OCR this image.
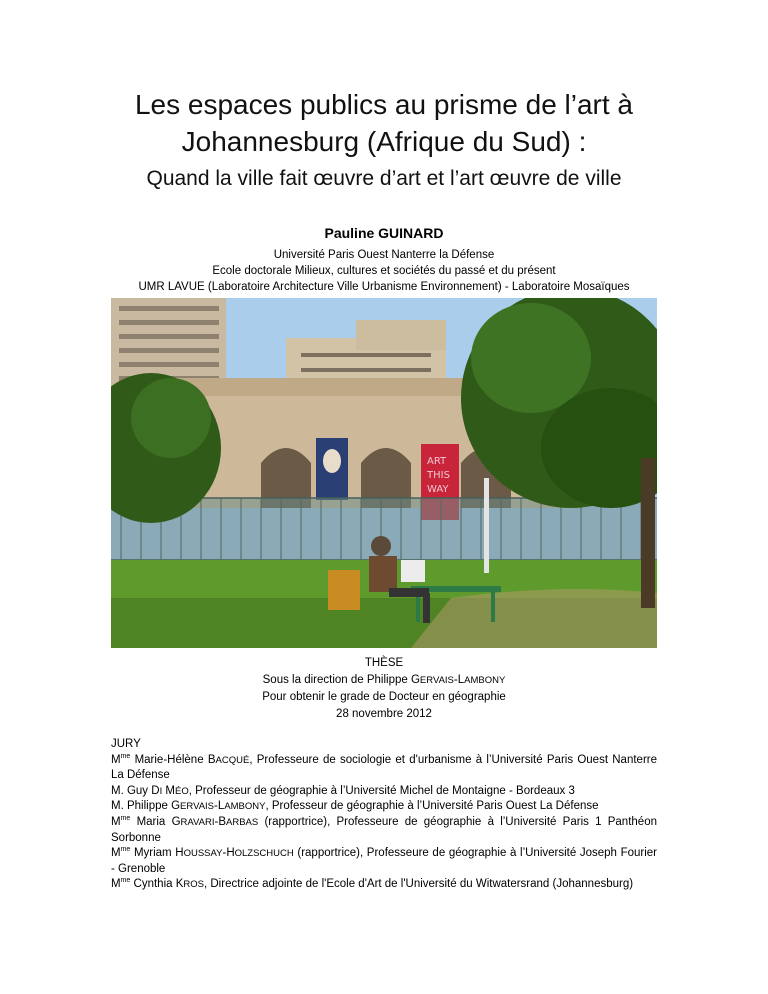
Les espaces publics au prisme de l’art à
Johannesburg (Afrique du Sud) :
Quand la ville fait œuvre d’art et l’art œuvre de ville
Pauline GUINARD
Université Paris Ouest Nanterre la Défense
Ecole doctorale Milieux, cultures et sociétés du passé et du présent
UMR LAVUE (Laboratoire Architecture Ville Urbanisme Environnement) - Laboratoire Mosaïques
ART
THIS
WAY
THÈSE
Sous la direction de Philippe GERVAIS-LAMBONY
Pour obtenir le grade de Docteur en géographie
28 novembre 2012

JURY

$M^{me}$ Marie-Hélène BACQUÉ, Professeure de sociologie et d'urbanisme à l’Université Paris Ouest Nanterre La Défense

M. Guy DI MÉO, Professeur de géographie à l’Université Michel de Montaigne - Bordeaux 3

M. Philippe GERVAIS-LAMBONY, Professeur de géographie à l’Université Paris Ouest La Défense

$M^{me}$ Maria GRAVARI-BARBAS (rapportrice), Professeure de géographie à l’Université Paris 1 Panthéon Sorbonne

$M^{me}$ Myriam HOUSSAY-HOLZSCHUCH (rapportrice), Professeure de géographie à l’Université Joseph Fourier - Grenoble

$M^{me}$ Cynthia KROS, Directrice adjointe de l'Ecole d'Art de l'Université du Witwatersrand (Johannesburg)
